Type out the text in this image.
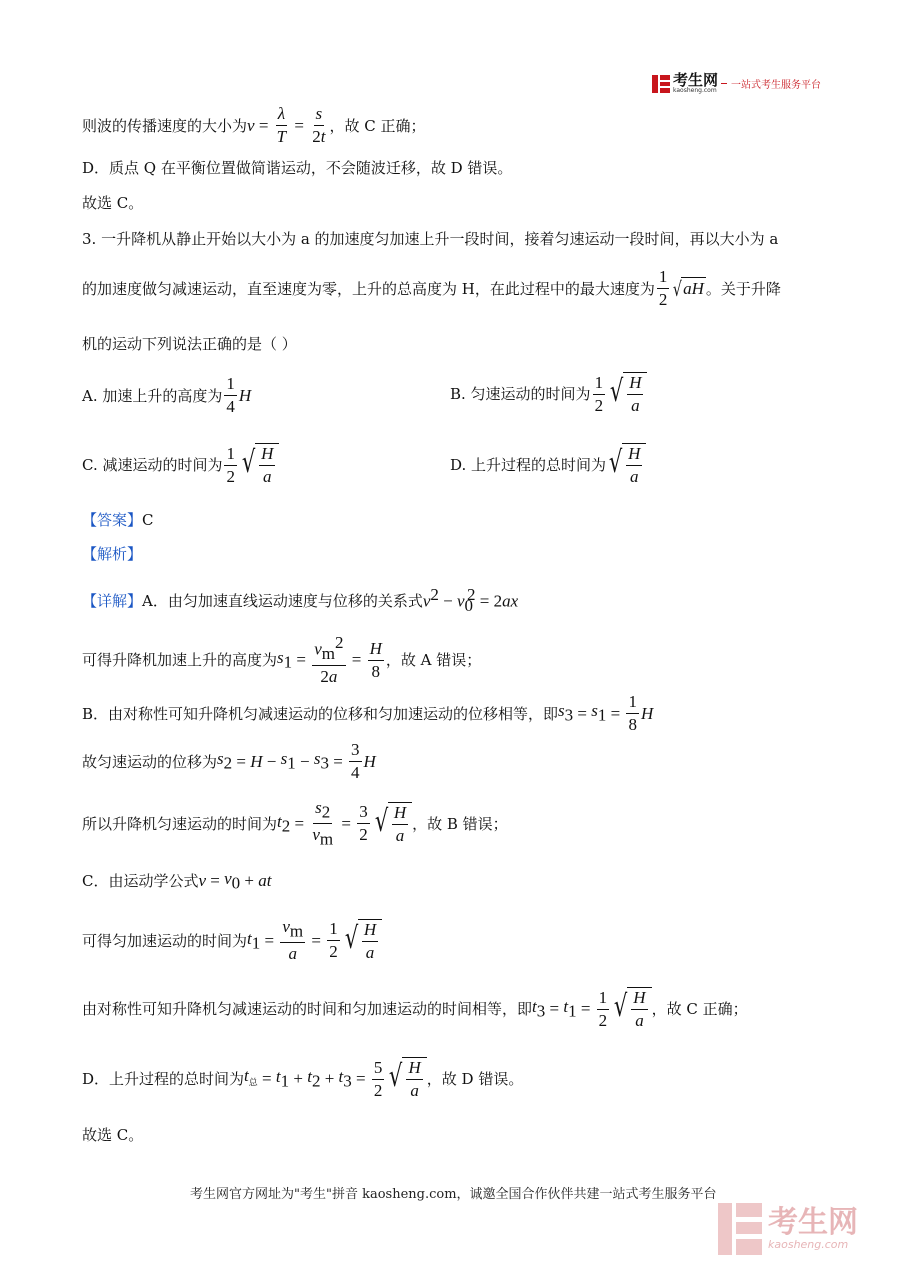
考生网
kaosheng.com 一站式考生服务平台
则波的传播速度的大小为 $v = \frac{\lambda}{T} = \frac{s}{2t}$ ，故 C 正确；
D．质点 Q 在平衡位置做简谐运动，不会随波迁移，故 D 错误。
故选 C。
3. 一升降机从静止开始以大小为 a 的加速度匀加速上升一段时间，接着匀速运动一段时间，再以大小为 a
的加速度做匀减速运动，直至速度为零，上升的总高度为 H，在此过程中的最大速度为 $\frac{1}{2}$ √ aH 。关于升降
机的运动下列说法正确的是（ ）
A. 加速上升的高度为 $\frac{1}{4}$ H	B. 匀速运动的时间为 $\frac{1}{2}$ √ $\frac{H}{a}$
C. 减速运动的时间为 $\frac{1}{2}$ √ $\frac{H}{a}$	D. 上升过程的总时间为 √ $\frac{H}{a}$
【答案】C
【解析】
【详解】 A．由匀加速直线运动速度与位移的关系式 $v^2 - v_0^2 = 2ax$
可得升降机加速上升的高度为 $s_1 = \frac{v_m^2}{2a} = \frac{H}{8}$ ，故 A 错误；
B．由对称性可知升降机匀减速运动的位移和匀加速运动的位移相等，即 $s_3 = s_1 = \frac{1}{8}$ H
故匀速运动的位移为 $s_2 = H - s_1 - s_3 = \frac{3}{4}$ H
所以升降机匀速运动的时间为 $t_2 = \frac{s_2}{v_m} = \frac{3}{2}$ √ $\frac{H}{a}$ ，故 B 错误；
C．由运动学公式 $v = v_0$ + at
可得匀加速运动的时间为 $t_1 = \frac{v_m}{a} = \frac{1}{2}$ √ $\frac{H}{a}$
由对称性可知升降机匀减速运动的时间和匀加速运动的时间相等，即 $t_3 = t_1 = \frac{1}{2}$ √ $\frac{H}{a}$ ，故 C 正确；
D．上升过程的总时间为 $t_总 = t_1 + t_2 + t_3 = \frac{5}{2}$ √ $\frac{H}{a}$ ，故 D 错误。
故选 C。
考生网官方网址为"考生"拼音 kaosheng.com，诚邀全国合作伙伴共建一站式考生服务平台
考生网
kaosheng.com
